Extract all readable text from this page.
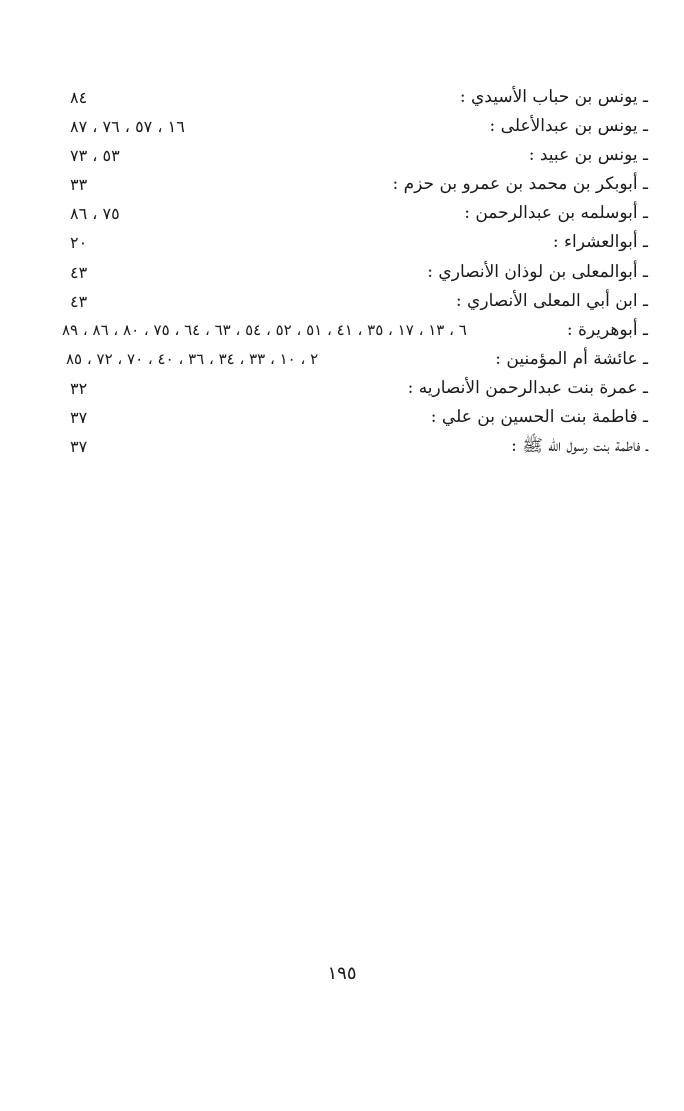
ـ يونس بن حباب الأسيدي :
٨٤
ـ يونس بن عبدالأعلى :
١٦ ، ٥٧ ، ٧٦ ، ٨٧
ـ يونس بن عبيد :
٥٣ ، ٧٣
ـ أبوبكر بن محمد بن عمرو بن حزم :
٣٣
ـ أبوسلمه بن عبدالرحمن :
٧٥ ، ٨٦
ـ أبوالعشراء :
٢٠
ـ أبوالمعلى بن لوذان الأنصاري :
٤٣
ـ ابن أبي المعلى الأنصاري :
٤٣
ـ أبوهريرة :
٦ ، ١٣ ، ١٧ ، ٣٥ ، ٤١ ، ٥١ ، ٥٢ ، ٥٤ ، ٦٣ ، ٦٤ ، ٧٥ ، ٨٠ ، ٨٦ ، ٨٩
ـ عائشة أم المؤمنين :
٢ ، ١٠ ، ٣٣ ، ٣٤ ، ٣٦ ، ٤٠ ، ٧٠ ، ٧٢ ، ٨٥
ـ عمرة بنت عبدالرحمن الأنصاريه :
٣٢
ـ فاطمة بنت الحسين بن علي :
٣٧
ـ فاطمة بنت رسول الله ﷺ :
٣٧
١٩٥
